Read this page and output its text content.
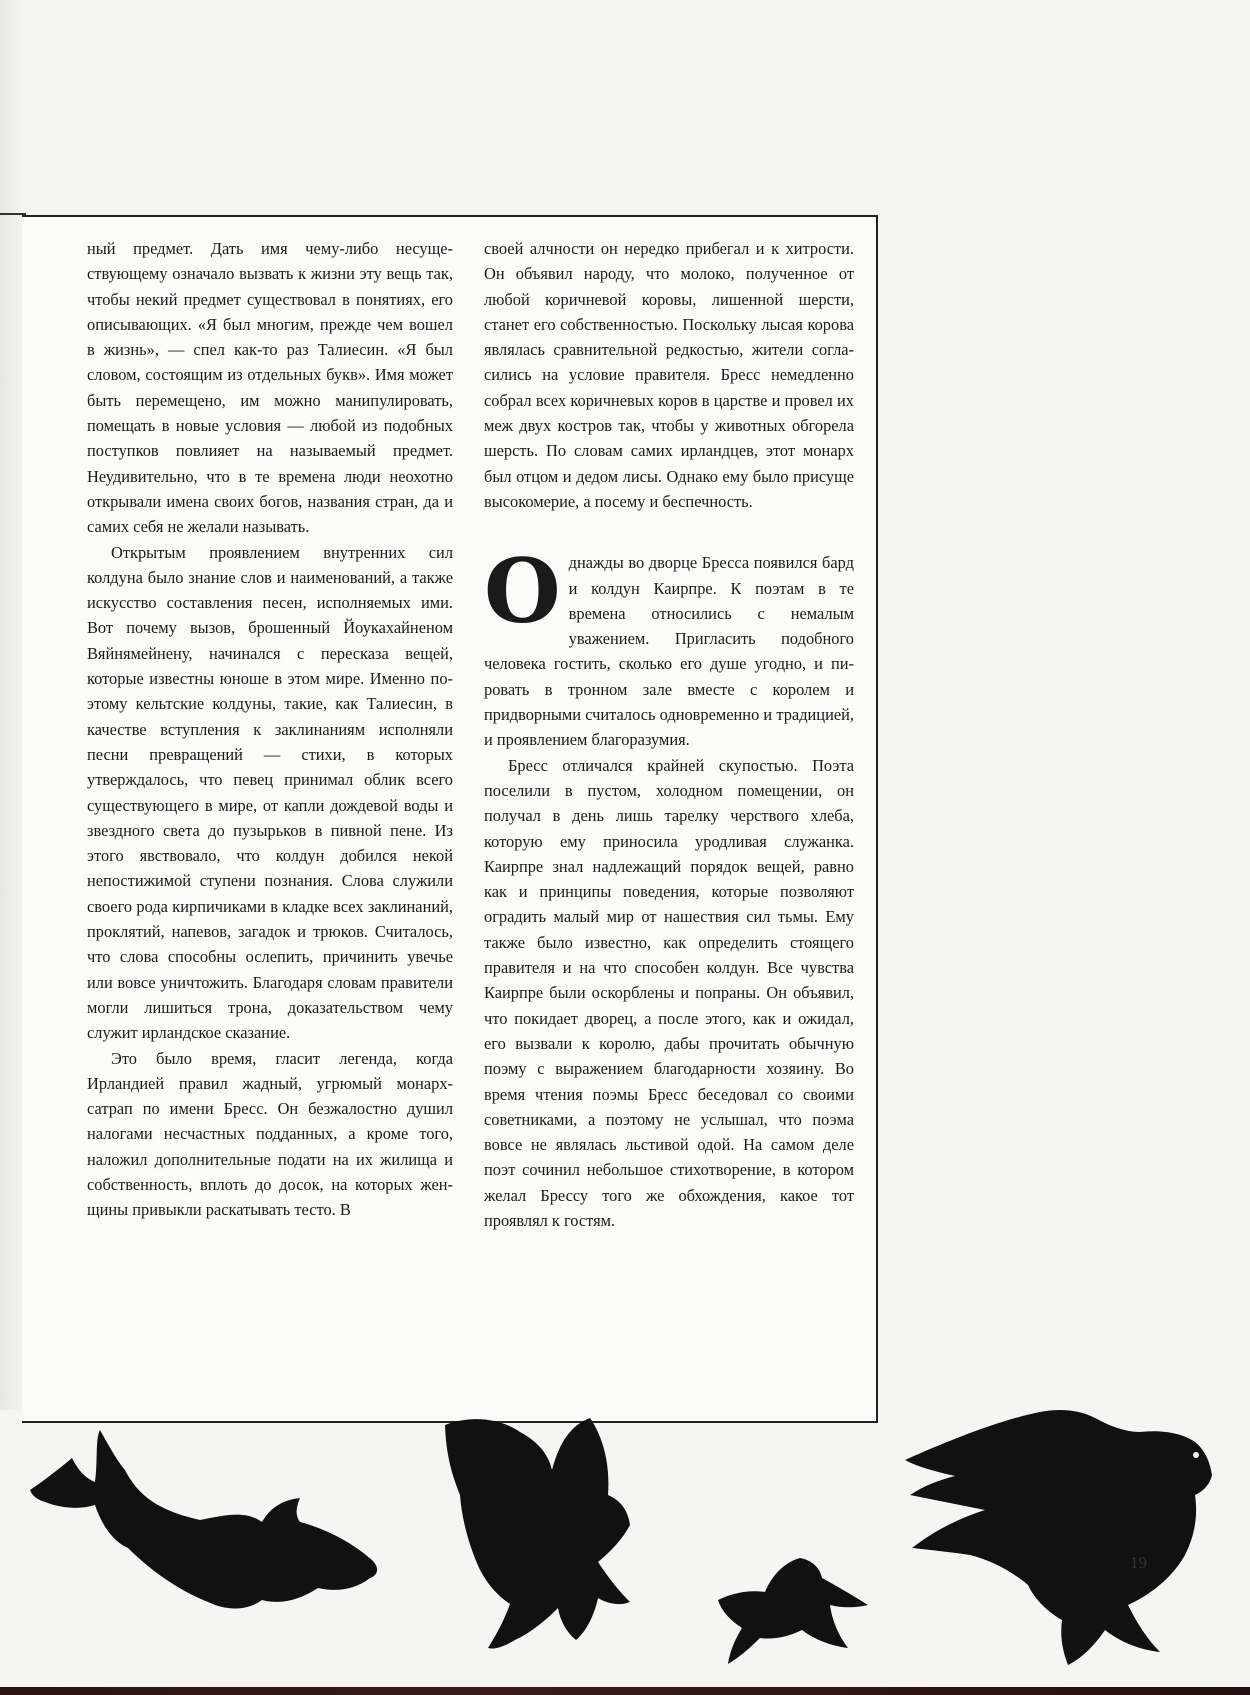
ный предмет. Дать имя чему-либо несуществующему означало вызвать к жизни эту вещь так, чтобы некий предмет существовал в понятиях, его описывающих. «Я был многим, прежде чем вошел в жизнь», — спел как-то раз Талиесин. «Я был словом, состоящим из отдельных букв». Имя может быть перемещено, им можно манипулировать, помещать в новые условия — любой из подобных поступков повлияет на называемый предмет. Неудивительно, что в те времена люди неохотно открывали имена своих богов, названия стран, да и самих себя не желали называть.

Открытым проявлением внутренних сил колдуна было знание слов и наименований, а также искусство составления песен, исполняемых ими. Вот почему вызов, брошенный Йоукахайненом Вяйнямейнену, начинался с пересказа вещей, которые известны юноше в этом мире. Именно поэтому кельтские колдуны, такие, как Талиесин, в качестве вступления к заклинаниям исполняли песни превращений — стихи, в которых утверждалось, что певец принимал облик всего существующего в мире, от капли дождевой воды и звездного света до пузырьков в пивной пене. Из этого явствовало, что колдун добился некой непостижимой ступени познания. Слова служили своего рода кирпичиками в кладке всех заклинаний, проклятий, напевов, загадок и трюков. Считалось, что слова способны ослепить, причинить увечье или вовсе уничтожить. Благодаря словам правители могли лишиться трона, доказательством чему служит ирландское сказание.

Это было время, гласит легенда, когда Ирландией правил жадный, угрюмый монарх-сатрап по имени Бресс. Он безжалостно душил налогами несчастных подданных, а кроме того, наложил дополнительные подати на их жилища и собственность, вплоть до досок, на которых женщины привыкли раскатывать тесто. В

своей алчности он нередко прибегал и к хитрости. Он объявил народу, что молоко, полученное от любой коричневой коровы, лишенной шерсти, станет его собственностью. Поскольку лысая корова являлась сравнительной редкостью, жители согласились на условие правителя. Бресс немедленно собрал всех коричневых коров в царстве и провел их меж двух костров так, чтобы у животных обгорела шерсть. По словам самих ирландцев, этот монарх был отцом и дедом лисы. Однако ему было присуще высокомерие, а посему и беспечность.

О днажды во дворце Бресса появился бард и колдун Каирпре. К поэтам в те времена относились с немалым уважением. Пригласить подобного человека гостить, сколько его душе угодно, и пировать в тронном зале вместе с королем и придворными считалось одновременно и традицией, и проявлением благоразумия.

Бресс отличался крайней скупостью. Поэта поселили в пустом, холодном помещении, он получал в день лишь тарелку черствого хлеба, которую ему приносила уродливая служанка. Каирпре знал надлежащий порядок вещей, равно как и принципы поведения, которые позволяют оградить малый мир от нашествия сил тьмы. Ему также было известно, как определить стоящего правителя и на что способен колдун. Все чувства Каирпре были оскорблены и попраны. Он объявил, что покидает дворец, а после этого, как и ожидал, его вызвали к королю, дабы прочитать обычную поэму с выражением благодарности хозяину. Во время чтения поэмы Бресс беседовал со своими советниками, а поэтому не услышал, что поэма вовсе не являлась льстивой одой. На самом деле поэт сочинил небольшое стихотворение, в котором желал Брессу того же обхождения, какое тот проявлял к гостям.

19
